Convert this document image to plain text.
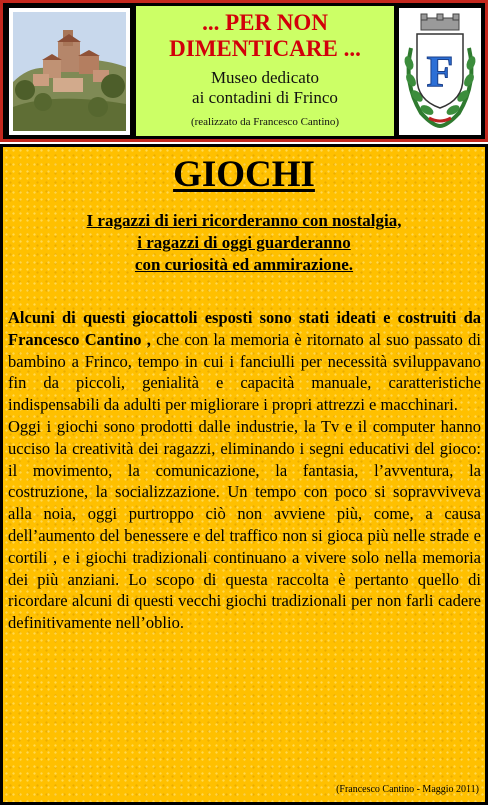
... PER NON
DIMENTICARE ...
Museo dedicato
ai contadini di Frinco
(realizzato da Francesco Cantino)
F
GIOCHI
I ragazzi di ieri ricorderanno con nostalgia,
i ragazzi di oggi guarderanno
con curiosità ed ammirazione.
Alcuni di questi giocattoli esposti sono stati ideati e costruiti da Francesco Cantino , che con la memoria è ritornato al suo passato di bambino a Frinco, tempo in cui i fanciulli per necessità sviluppavano fin da piccoli, genialità e capacità manuale, caratteristiche indispensabili da adulti per migliorare i propri attrezzi e macchinari.
Oggi i giochi sono prodotti dalle industrie, la Tv e il computer hanno ucciso la creatività dei ragazzi, eliminando i segni educativi del gioco: il movimento, la comunicazione, la fantasia, l’avventura, la costruzione, la socializzazione. Un tempo con poco si sopravviveva alla noia, oggi purtroppo ciò non avviene più, come, a causa dell’aumento del benessere e del traffico non si gioca più nelle strade e cortili , e i giochi tradizionali continuano a vivere solo nella memoria dei più anziani. Lo scopo di questa raccolta è pertanto quello di ricordare alcuni di questi vecchi giochi tradizionali per non farli cadere definitivamente nell’oblio.
(Francesco Cantino - Maggio 2011)
